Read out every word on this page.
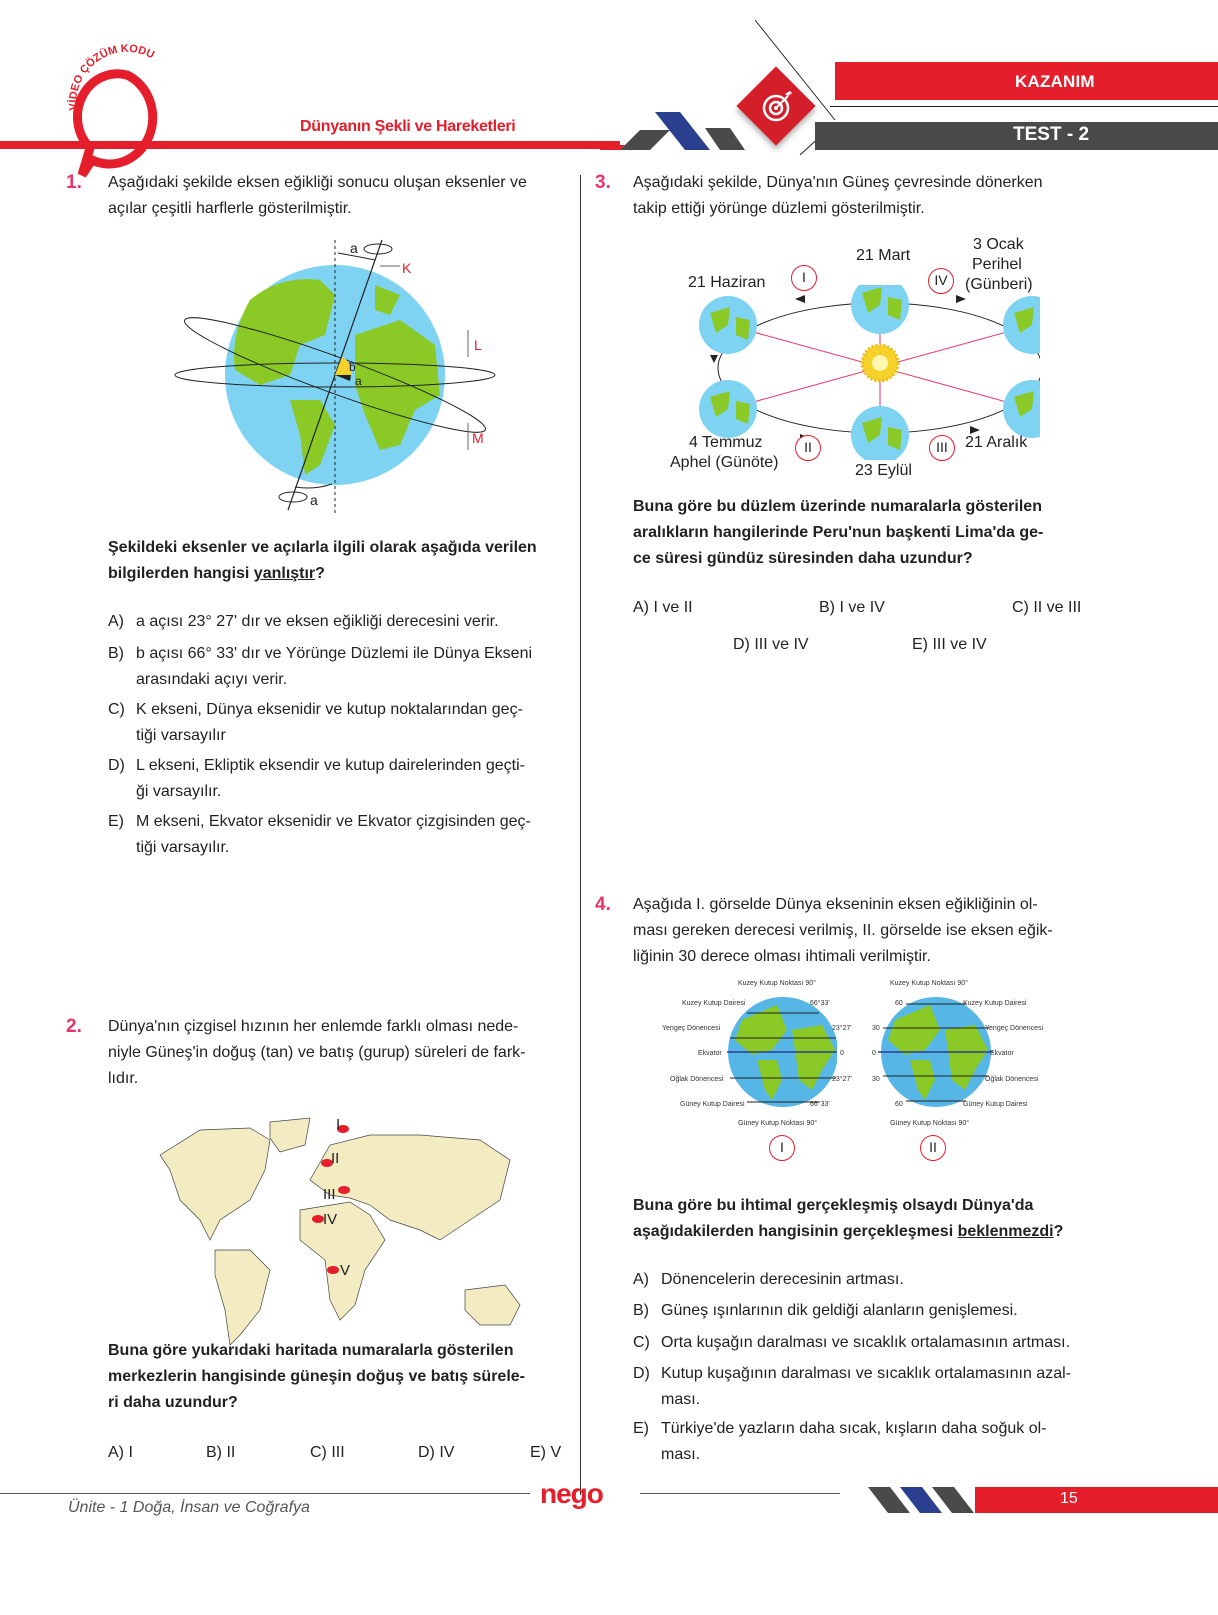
VİDEO ÇÖZÜM KODU
Dünyanın Şekli ve Hareketleri
KAZANIM
TEST - 2
1. Aşağıdaki şekilde eksen eğikliği sonucu oluşan eksenler ve
açılar çeşitli harflerle gösterilmiştir.
a
a
b
a
K
L
M
Şekildeki eksenler ve açılarla ilgili olarak aşağıda verilen
bilgilerden hangisi yanlıştır?
A) a açısı 23° 27' dır ve eksen eğikliği derecesini verir.
B) b açısı 66° 33' dır ve Yörünge Düzlemi ile Dünya Ekseni
arasındaki açıyı verir.
C) K ekseni, Dünya eksenidir ve kutup noktalarından geç-
tiği varsayılır
D) L ekseni, Ekliptik eksendir ve kutup dairelerinden geçti-
ği varsayılır.
E) M ekseni, Ekvator eksenidir ve Ekvator çizgisinden geç-
tiği varsayılır.
2. Dünya'nın çizgisel hızının her enlemde farklı olması nede-
niyle Güneş'in doğuş (tan) ve batış (gurup) süreleri de fark-
lıdır.
I
II
III
IV
V
Buna göre yukarıdaki haritada numaralarla gösterilen
merkezlerin hangisinde güneşin doğuş ve batış sürele-
ri daha uzundur?
A) I	B) II	C) III	D) IV	E) V
3. Aşağıdaki şekilde, Dünya'nın Güneş çevresinde dönerken
takip ettiği yörünge düzlemi gösterilmiştir.
21 Mart
21 Haziran
3 Ocak
Perihel
(Günberi)
4 Temmuz
Aphel (Günöte)	23 Eylül
21 Aralık
I
II	III
IV
Buna göre bu düzlem üzerinde numaralarla gösterilen
aralıkların hangilerinde Peru'nun başkenti Lima'da ge-
ce süresi gündüz süresinden daha uzundur?
A) I ve II	B) I ve IV	C) II ve III
D) III ve IV	E) III ve IV
4. Aşağıda I. görselde Dünya ekseninin eksen eğikliğinin ol-
ması gereken derecesi verilmiş, II. görselde ise eksen eğik-
liğinin 30 derece olması ihtimali verilmiştir.
Kuzey Kutup Noktası 90°
Kuzey Kutup Dairesi
Yengeç Dönencesi
Ekvator
Oğlak Dönencesi
Güney Kutup Dairesi
66°33'
23°27'
0
23°27'
66°33'
Güney Kutup Noktası 90°
I
Kuzey Kutup Noktası 90°
60
30
0
30
60
Kuzey Kutup Dairesi
Yengeç Dönencesi
Ekvator
Oğlak Dönencesi
Güney Kutup Dairesi
Güney Kutup Noktası 90°
II
Buna göre bu ihtimal gerçekleşmiş olsaydı Dünya'da
aşağıdakilerden hangisinin gerçekleşmesi beklenmezdi?
A) Dönencelerin derecesinin artması.
B) Güneş ışınlarının dik geldiği alanların genişlemesi.
C) Orta kuşağın daralması ve sıcaklık ortalamasının artması.
D) Kutup kuşağının daralması ve sıcaklık ortalamasının azal-
ması.
E) Türkiye'de yazların daha sıcak, kışların daha soğuk ol-
ması.
Ünite - 1 Doğa, İnsan ve Coğrafya	nego	15
